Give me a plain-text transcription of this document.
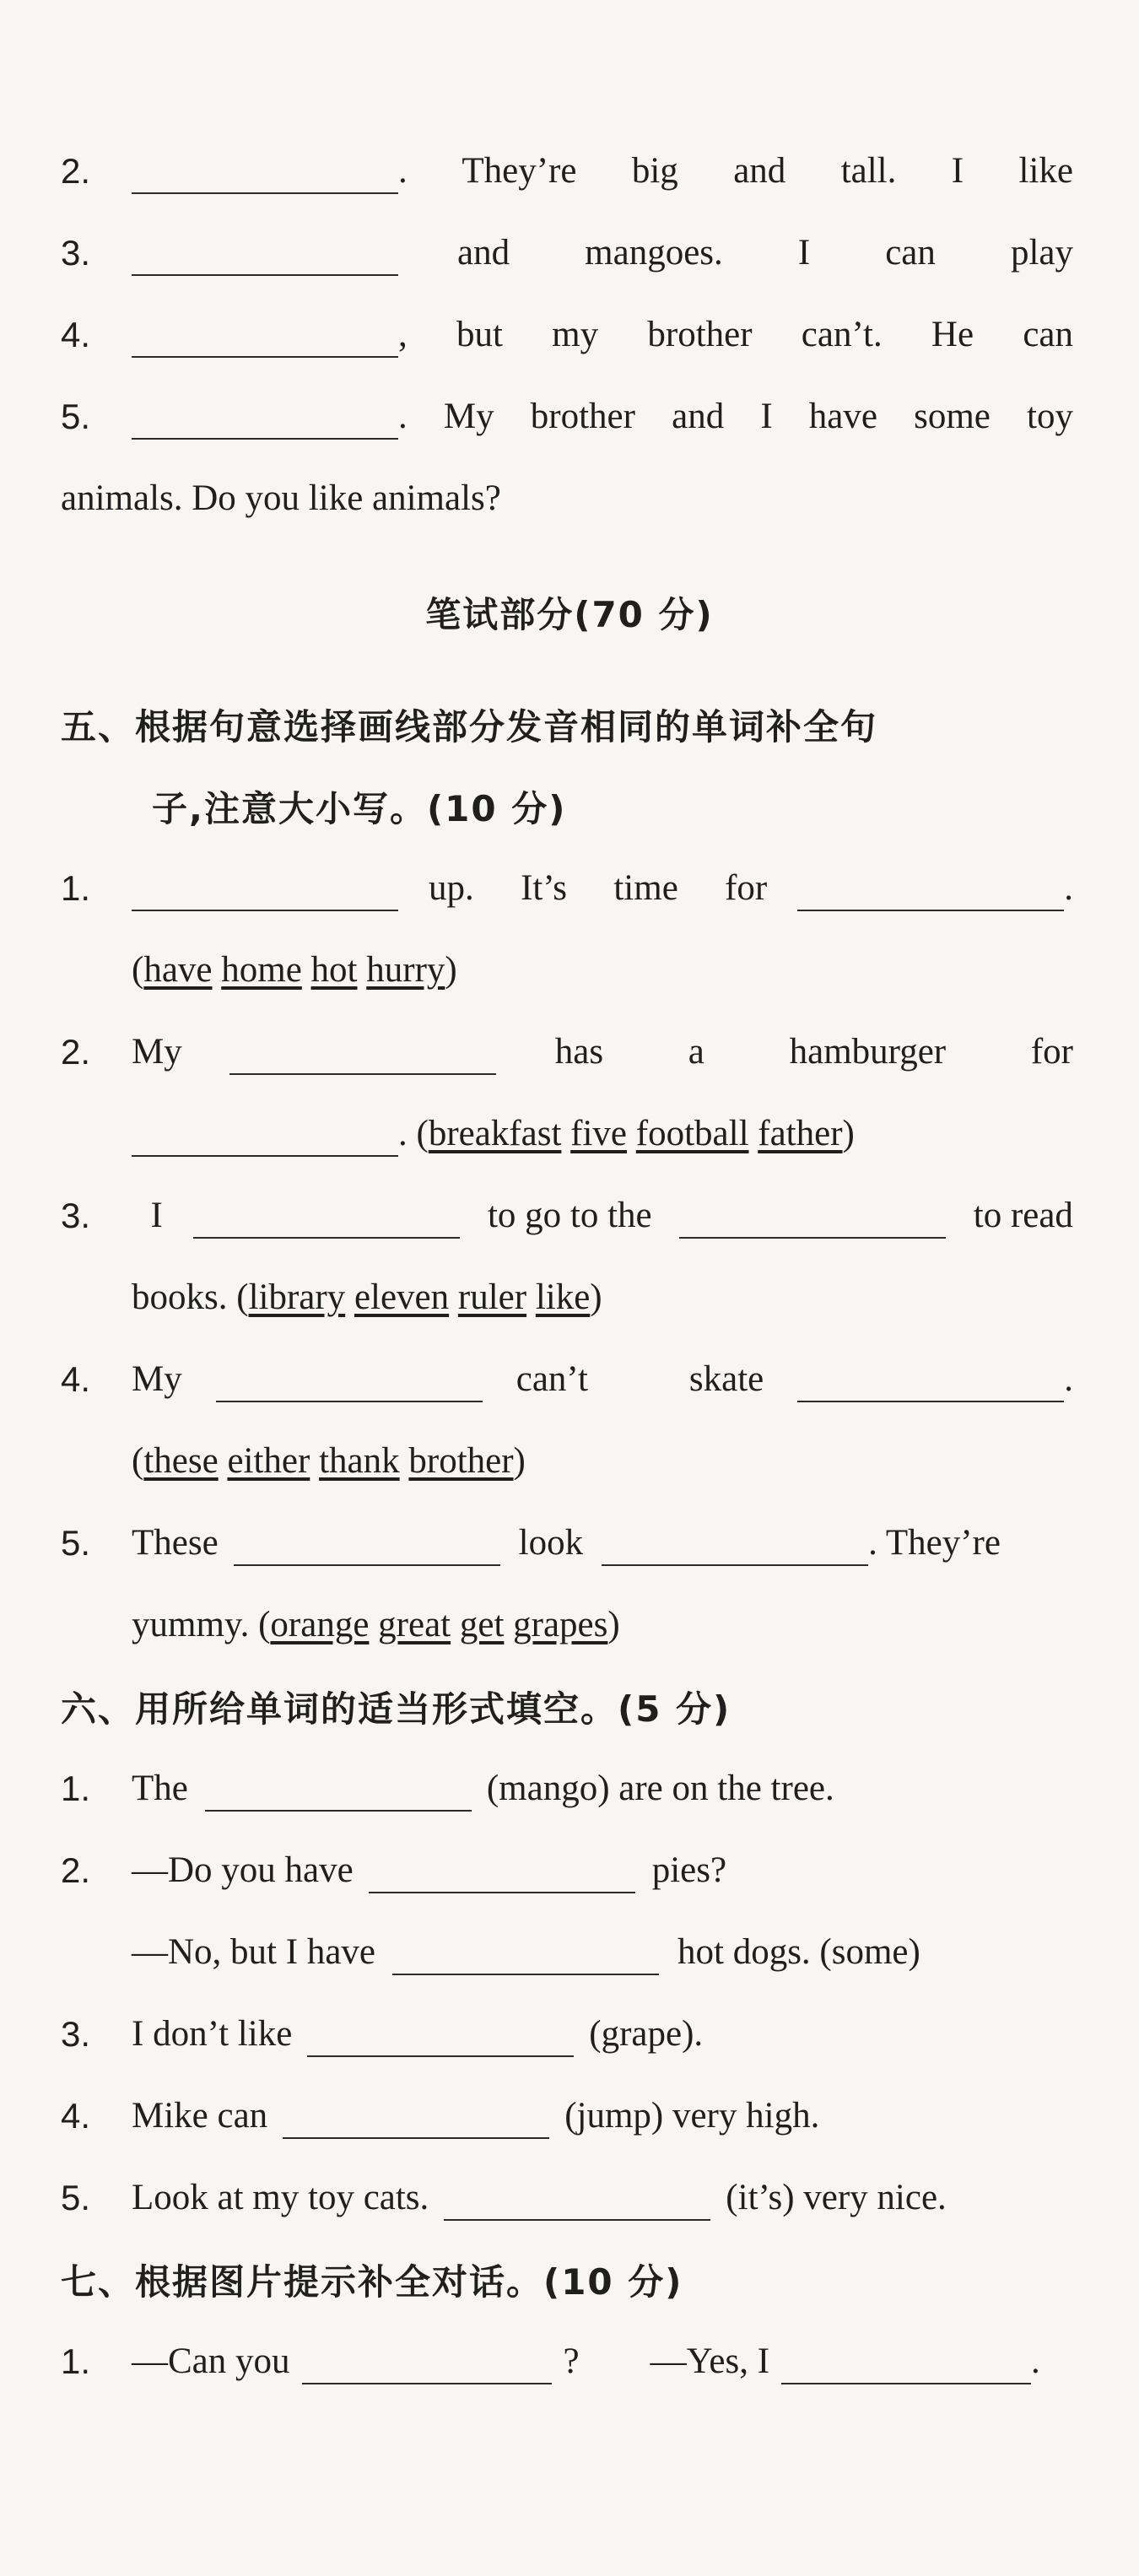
2.	. They’re big and tall. I like
3.	and mangoes. I can play
4.	, but my brother can’t. He can
5.	. My brother and I have some toy
animals. Do you like animals?
笔试部分(70 分)
五、根据句意选择画线部分发音相同的单词补全句
子,注意大小写。(10 分)
1.	up. It’s time for	.
( have
home
hot
hurry )
2.	My	has a hamburger for
. ( breakfast
five
football
father )
3.	I	to go to the	to read
books. ( library
eleven
ruler
like )
4.	My	can’t skate	.
( these
either
thank
brother )
5.	These	look	. They’re
yummy. ( orange
great
get
grapes )
六、用所给单词的适当形式填空。(5 分)
1.	The	(mango) are on the tree.
2.	—Do you have	pies?
—No, but I have	hot dogs. (some)
3.	I don’t like	(grape).
4.	Mike can	(jump) very high.
5.	Look at my toy cats.	(it’s) very nice.
七、根据图片提示补全对话。(10 分)
1.	—Can you	? —Yes, I	.
